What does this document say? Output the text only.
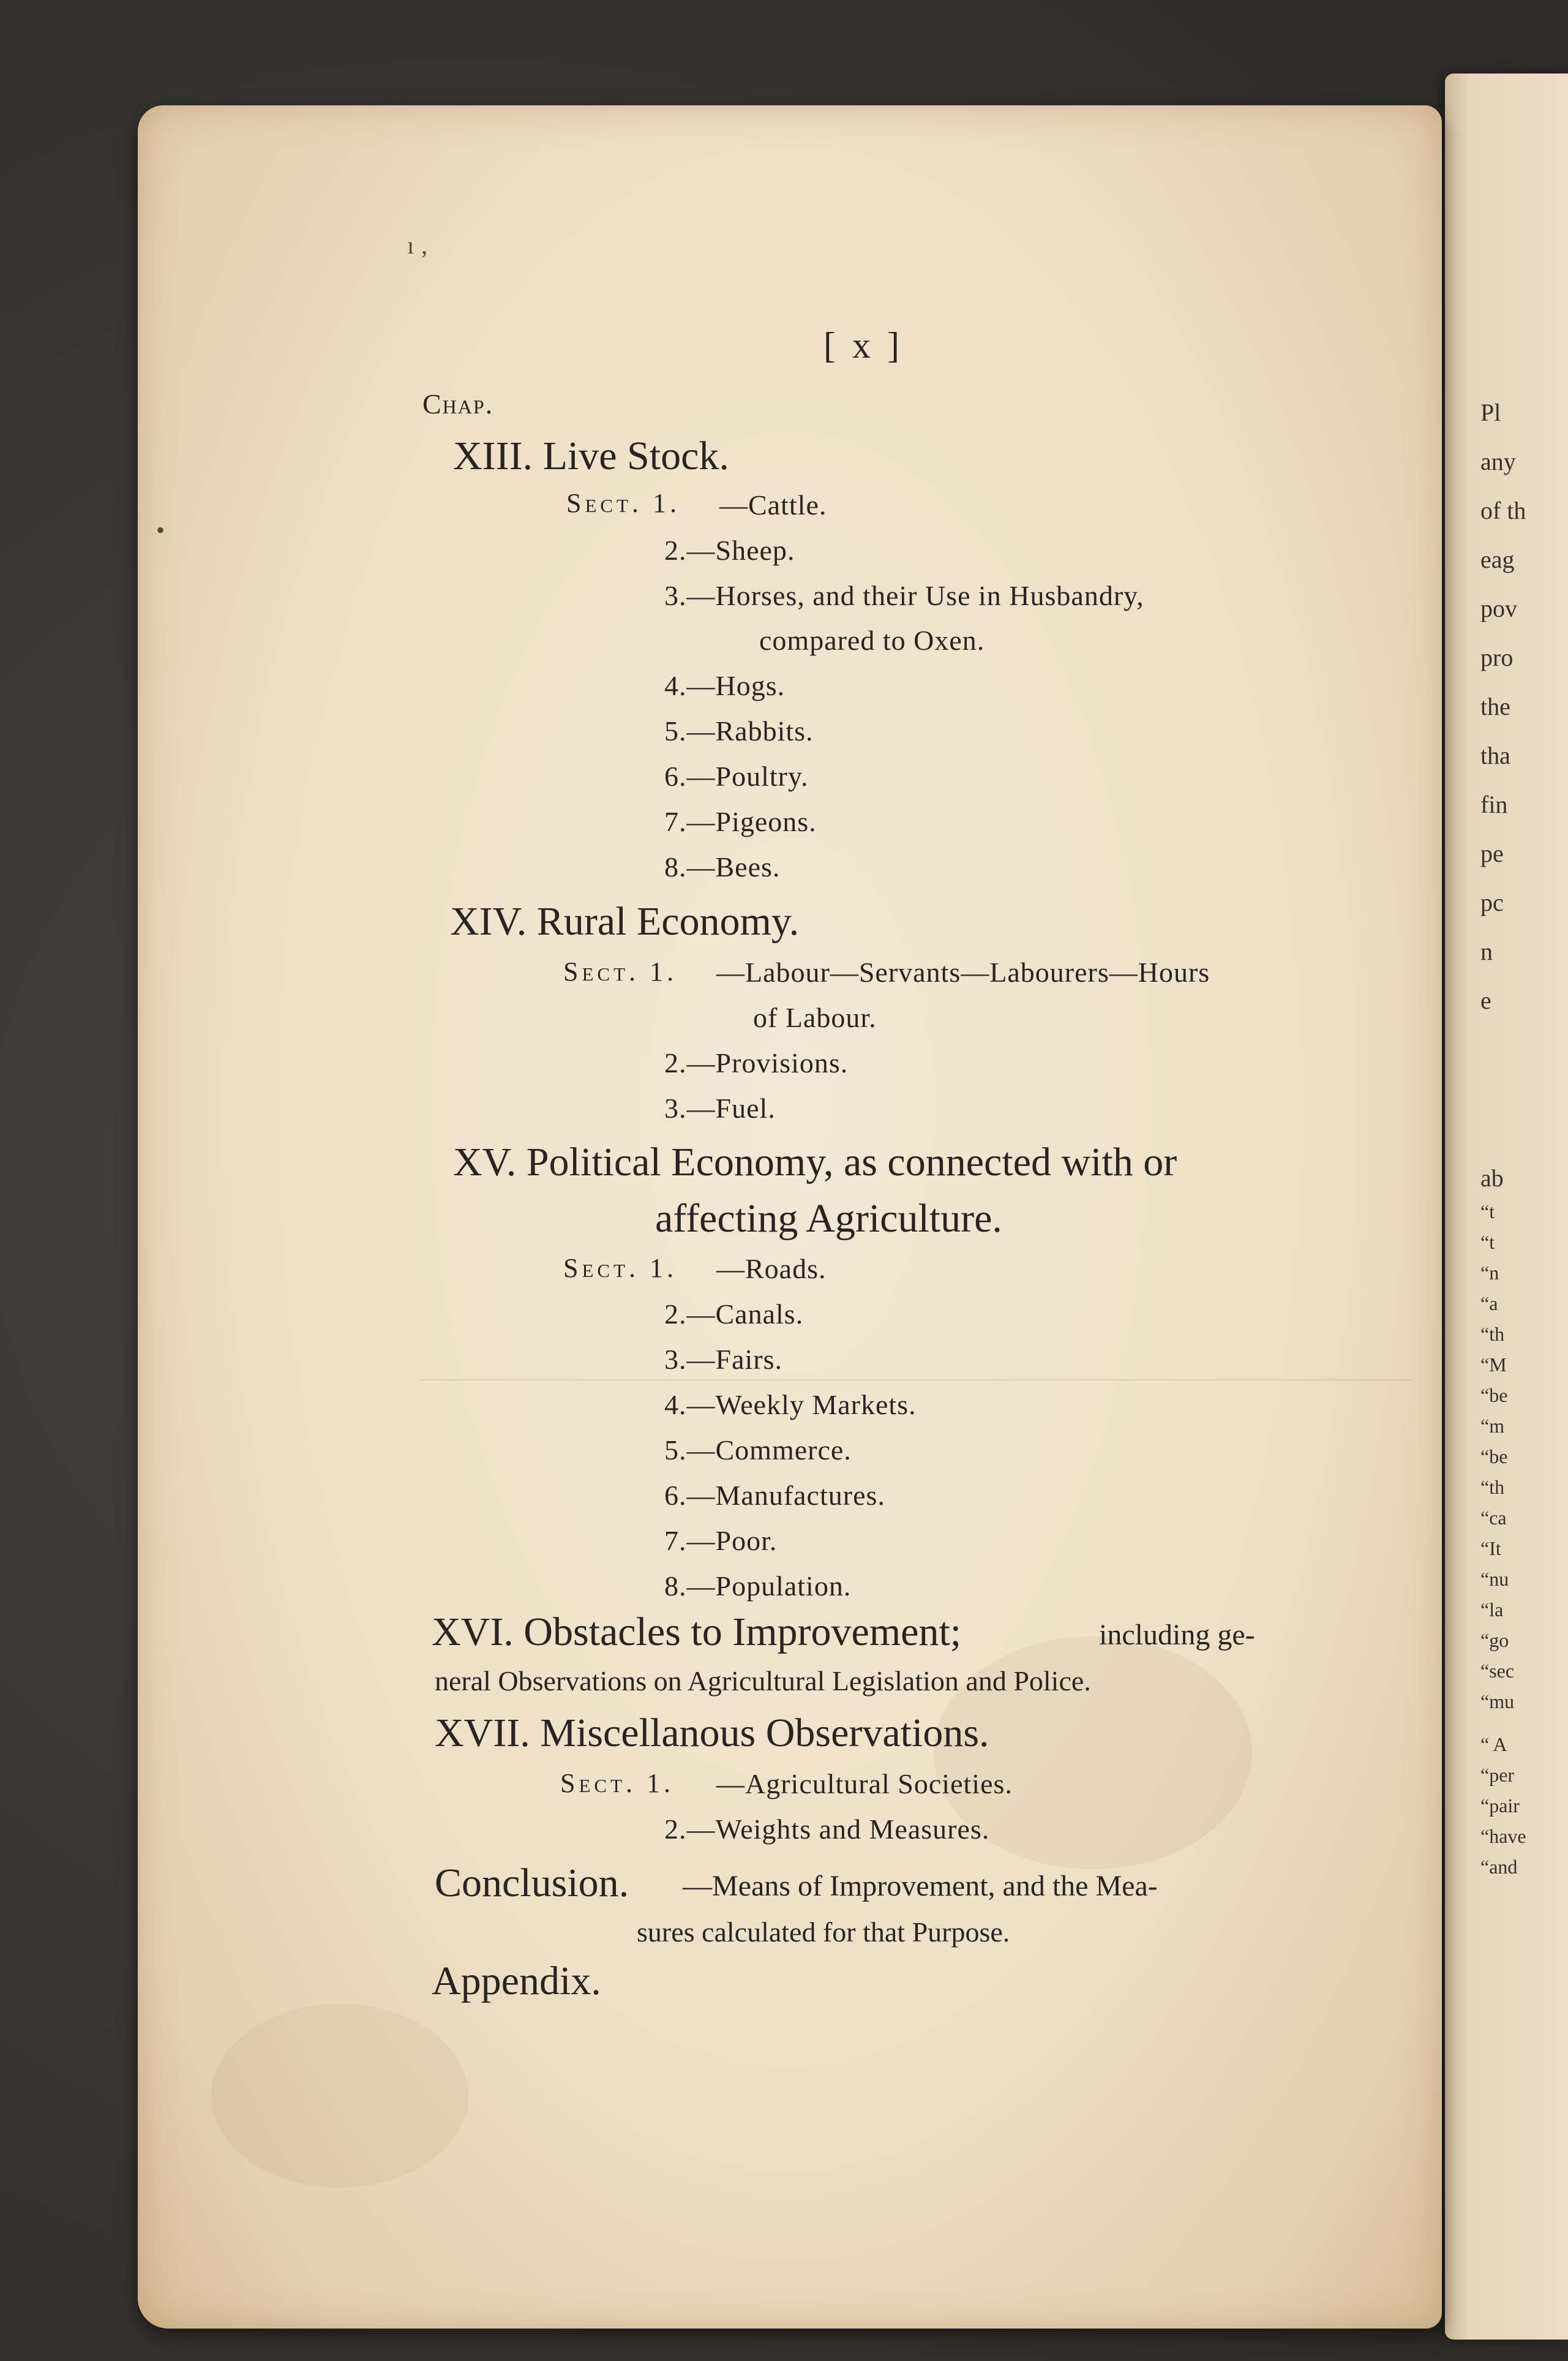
Pl
any
of th
eag
pov
pro
the
tha
fin
pe
pc
n
e
ab
“t
“t
“n
“a
“th
“M
“be
“m
“be
“th
“ca
“It
“nu
“la
“go
“sec
“mu
“ A
“per
“pair
“have
“and
ı ‚
•
[ x ]
Chap.
XIII. Live Stock.
Sect. 1. —Cattle.
2.—Sheep.
3.—Horses, and their Use in Husbandry,
compared to Oxen.
4.—Hogs.
5.—Rabbits.
6.—Poultry.
7.—Pigeons.
8.—Bees.
XIV. Rural Economy.
Sect. 1. —Labour—Servants—Labourers—Hours
of Labour.
2.—Provisions.
3.—Fuel.
XV. Political Economy, as connected with or
affecting Agriculture.
Sect. 1. —Roads.
2.—Canals.
3.—Fairs.
4.—Weekly Markets.
5.—Commerce.
6.—Manufactures.
7.—Poor.
8.—Population.
XVI. Obstacles to Improvement;	including ge-
neral Observations on Agricultural Legislation and Police.
XVII. Miscellanous Observations.
Sect. 1. —Agricultural Societies.
2.—Weights and Measures.
Conclusion. —Means of Improvement, and the Mea-
sures calculated for that Purpose.
Appendix.
